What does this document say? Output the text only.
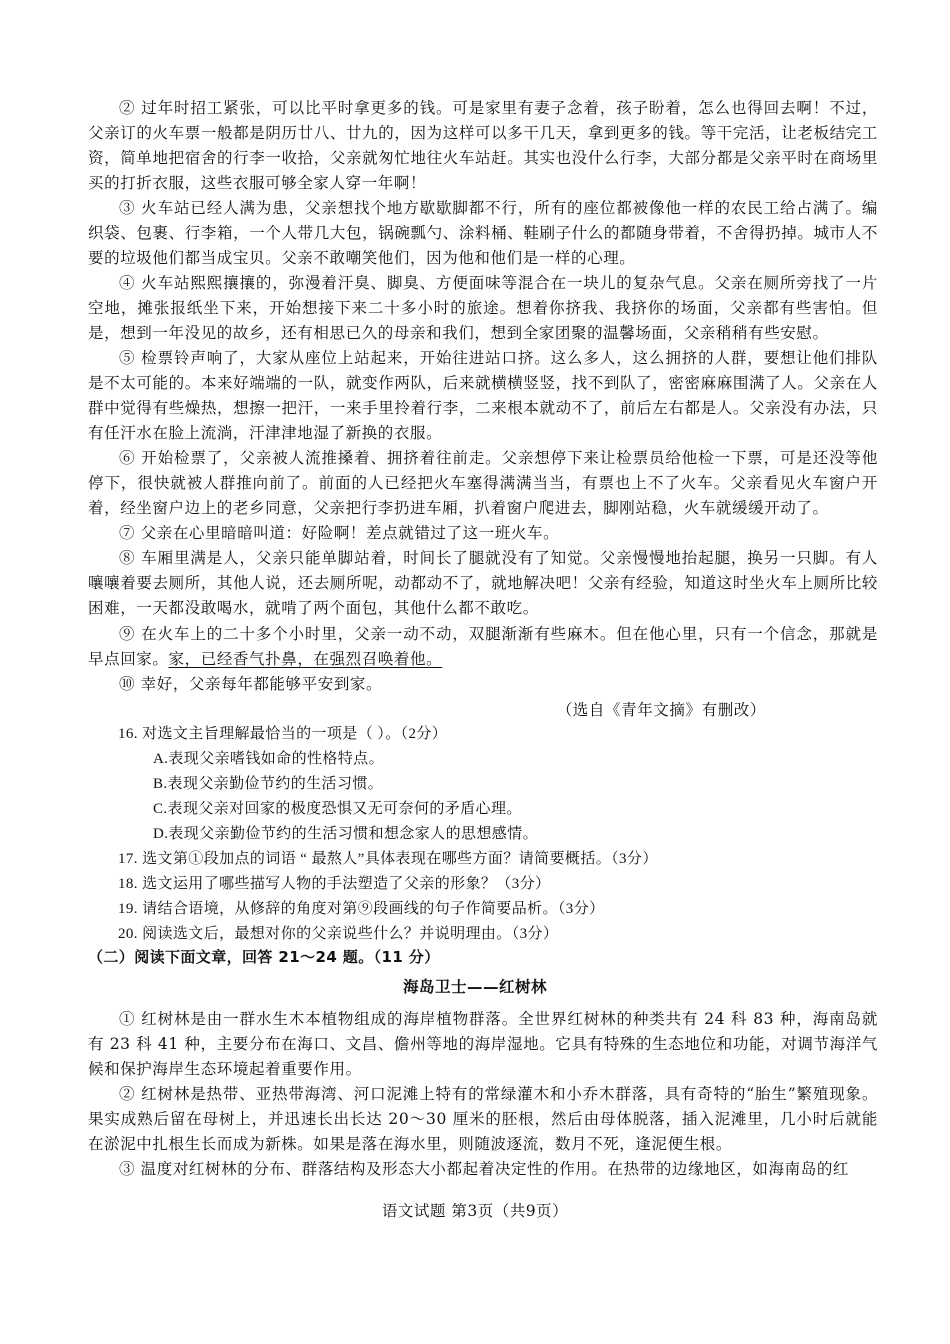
② 过年时招工紧张，可以比平时拿更多的钱。可是家里有妻子念着，孩子盼着，怎么也得回去啊！不过，父亲订的火车票一般都是阴历廿八、廿九的，因为这样可以多干几天，拿到更多的钱。等干完活，让老板结完工资，简单地把宿舍的行李一收拾，父亲就匆忙地往火车站赶。其实也没什么行李，大部分都是父亲平时在商场里买的打折衣服，这些衣服可够全家人穿一年啊！

③ 火车站已经人满为患，父亲想找个地方歇歇脚都不行，所有的座位都被像他一样的农民工给占满了。编织袋、包裹、行李箱，一个人带几大包，锅碗瓢勺、涂料桶、鞋刷子什么的都随身带着，不舍得扔掉。城市人不要的垃圾他们都当成宝贝。父亲不敢嘲笑他们，因为他和他们是一样的心理。

④ 火车站熙熙攘攘的，弥漫着汗臭、脚臭、方便面味等混合在一块儿的复杂气息。父亲在厕所旁找了一片空地，摊张报纸坐下来，开始想接下来二十多小时的旅途。想着你挤我、我挤你的场面，父亲都有些害怕。但是，想到一年没见的故乡，还有相思已久的母亲和我们，想到全家团聚的温馨场面，父亲稍稍有些安慰。

⑤ 检票铃声响了，大家从座位上站起来，开始往进站口挤。这么多人，这么拥挤的人群，要想让他们排队是不太可能的。本来好端端的一队，就变作两队，后来就横横竖竖，找不到队了，密密麻麻围满了人。父亲在人群中觉得有些燥热，想擦一把汗，一来手里拎着行李，二来根本就动不了，前后左右都是人。父亲没有办法，只有任汗水在脸上流淌，汗津津地湿了新换的衣服。

⑥ 开始检票了，父亲被人流推搡着、拥挤着往前走。父亲想停下来让检票员给他检一下票，可是还没等他停下，很快就被人群推向前了。前面的人已经把火车塞得满满当当，有票也上不了火车。父亲看见火车窗户开着，经坐窗户边上的老乡同意，父亲把行李扔进车厢，扒着窗户爬进去，脚刚站稳，火车就缓缓开动了。

⑦ 父亲在心里暗暗叫道：好险啊！差点就错过了这一班火车。

⑧ 车厢里满是人，父亲只能单脚站着，时间长了腿就没有了知觉。父亲慢慢地抬起腿，换另一只脚。有人嚷嚷着要去厕所，其他人说，还去厕所呢，动都动不了，就地解决吧！父亲有经验，知道这时坐火车上厕所比较困难，一天都没敢喝水，就啃了两个面包，其他什么都不敢吃。

⑨ 在火车上的二十多个小时里，父亲一动不动，双腿渐渐有些麻木。但在他心里，只有一个信念，那就是早点回家。家，已经香气扑鼻，在强烈召唤着他。

⑩ 幸好，父亲每年都能够平安到家。

（选自《青年文摘》有删改）
16. 对选文主旨理解最恰当的一项是（ ）。（2分）
A.表现父亲嗜钱如命的性格特点。
B.表现父亲勤俭节约的生活习惯。
C.表现父亲对回家的极度恐惧又无可奈何的矛盾心理。
D.表现父亲勤俭节约的生活习惯和想念家人的思想感情。
17. 选文第①段加点的词语 “ 最熬人”具体表现在哪些方面？请简要概括。（3分）
18. 选文运用了哪些描写人物的手法塑造了父亲的形象？（3分）
19. 请结合语境，从修辞的角度对第⑨段画线的句子作简要品析。（3分）
20. 阅读选文后，最想对你的父亲说些什么？并说明理由。（3分）
（二）阅读下面文章，回答 21～24 题。（11 分）
海岛卫士——红树林

① 红树林是由一群水生木本植物组成的海岸植物群落。全世界红树林的种类共有 24 科 83 种，海南岛就有 23 科 41 种，主要分布在海口、文昌、儋州等地的海岸湿地。它具有特殊的生态地位和功能，对调节海洋气候和保护海岸生态环境起着重要作用。

② 红树林是热带、亚热带海湾、河口泥滩上特有的常绿灌木和小乔木群落，具有奇特的“胎生”繁殖现象。果实成熟后留在母树上，并迅速长出长达 20～30 厘米的胚根，然后由母体脱落，插入泥滩里，几小时后就能在淤泥中扎根生长而成为新株。如果是落在海水里，则随波逐流，数月不死，逢泥便生根。

③ 温度对红树林的分布、群落结构及形态大小都起着决定性的作用。在热带的边缘地区，如海南岛的红

语文试题 第3页（共9页）
